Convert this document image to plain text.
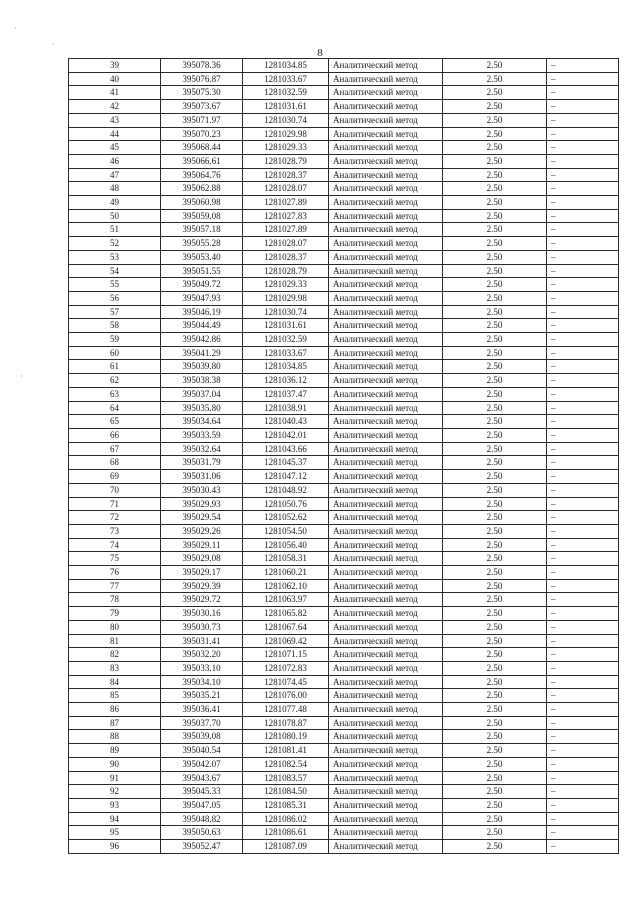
·
·
·
8
39	395078.36	1281034.85	Аналитический метод	2.50	–
40	395076.87	1281033.67	Аналитический метод	2.50	–
41	395075.30	1281032.59	Аналитический метод	2.50	–
42	395073.67	1281031.61	Аналитический метод	2.50	–
43	395071.97	1281030.74	Аналитический метод	2.50	–
44	395070.23	1281029.98	Аналитический метод	2.50	–
45	395068.44	1281029.33	Аналитический метод	2.50	–
46	395066.61	1281028.79	Аналитический метод	2.50	–
47	395064.76	1281028.37	Аналитический метод	2.50	–
48	395062.88	1281028.07	Аналитический метод	2.50	–
49	395060.98	1281027.89	Аналитический метод	2.50	–
50	395059.08	1281027.83	Аналитический метод	2.50	–
51	395057.18	1281027.89	Аналитический метод	2.50	–
52	395055.28	1281028.07	Аналитический метод	2.50	–
53	395053.40	1281028.37	Аналитический метод	2.50	–
54	395051.55	1281028.79	Аналитический метод	2.50	–
55	395049.72	1281029.33	Аналитический метод	2.50	–
56	395047.93	1281029.98	Аналитический метод	2.50	–
57	395046.19	1281030.74	Аналитический метод	2.50	–
58	395044.49	1281031.61	Аналитический метод	2.50	–
59	395042.86	1281032.59	Аналитический метод	2.50	–
60	395041.29	1281033.67	Аналитический метод	2.50	–
61	395039.80	1281034.85	Аналитический метод	2.50	–
62	395038.38	1281036.12	Аналитический метод	2.50	–
63	395037.04	1281037.47	Аналитический метод	2.50	–
64	395035.80	1281038.91	Аналитический метод	2.50	–
65	395034.64	1281040.43	Аналитический метод	2.50	–
66	395033.59	1281042.01	Аналитический метод	2.50	–
67	395032.64	1281043.66	Аналитический метод	2.50	–
68	395031.79	1281045.37	Аналитический метод	2.50	–
69	395031.06	1281047.12	Аналитический метод	2.50	–
70	395030.43	1281048.92	Аналитический метод	2.50	–
71	395029.93	1281050.76	Аналитический метод	2.50	–
72	395029.54	1281052.62	Аналитический метод	2.50	–
73	395029.26	1281054.50	Аналитический метод	2.50	–
74	395029.11	1281056.40	Аналитический метод	2.50	–
75	395029.08	1281058.31	Аналитический метод	2.50	–
76	395029.17	1281060.21	Аналитический метод	2.50	–
77	395029.39	1281062.10	Аналитический метод	2.50	–
78	395029.72	1281063.97	Аналитический метод	2.50	–
79	395030.16	1281065.82	Аналитический метод	2.50	–
80	395030.73	1281067.64	Аналитический метод	2.50	–
81	395031.41	1281069.42	Аналитический метод	2.50	–
82	395032.20	1281071.15	Аналитический метод	2.50	–
83	395033.10	1281072.83	Аналитический метод	2.50	–
84	395034.10	1281074.45	Аналитический метод	2.50	–
85	395035.21	1281076.00	Аналитический метод	2.50	–
86	395036.41	1281077.48	Аналитический метод	2.50	–
87	395037.70	1281078.87	Аналитический метод	2.50	–
88	395039.08	1281080.19	Аналитический метод	2.50	–
89	395040.54	1281081.41	Аналитический метод	2.50	–
90	395042.07	1281082.54	Аналитический метод	2.50	–
91	395043.67	1281083.57	Аналитический метод	2.50	–
92	395045.33	1281084.50	Аналитический метод	2.50	–
93	395047.05	1281085.31	Аналитический метод	2.50	–
94	395048.82	1281086.02	Аналитический метод	2.50	–
95	395050.63	1281086.61	Аналитический метод	2.50	–
96	395052.47	1281087.09	Аналитический метод	2.50	–
